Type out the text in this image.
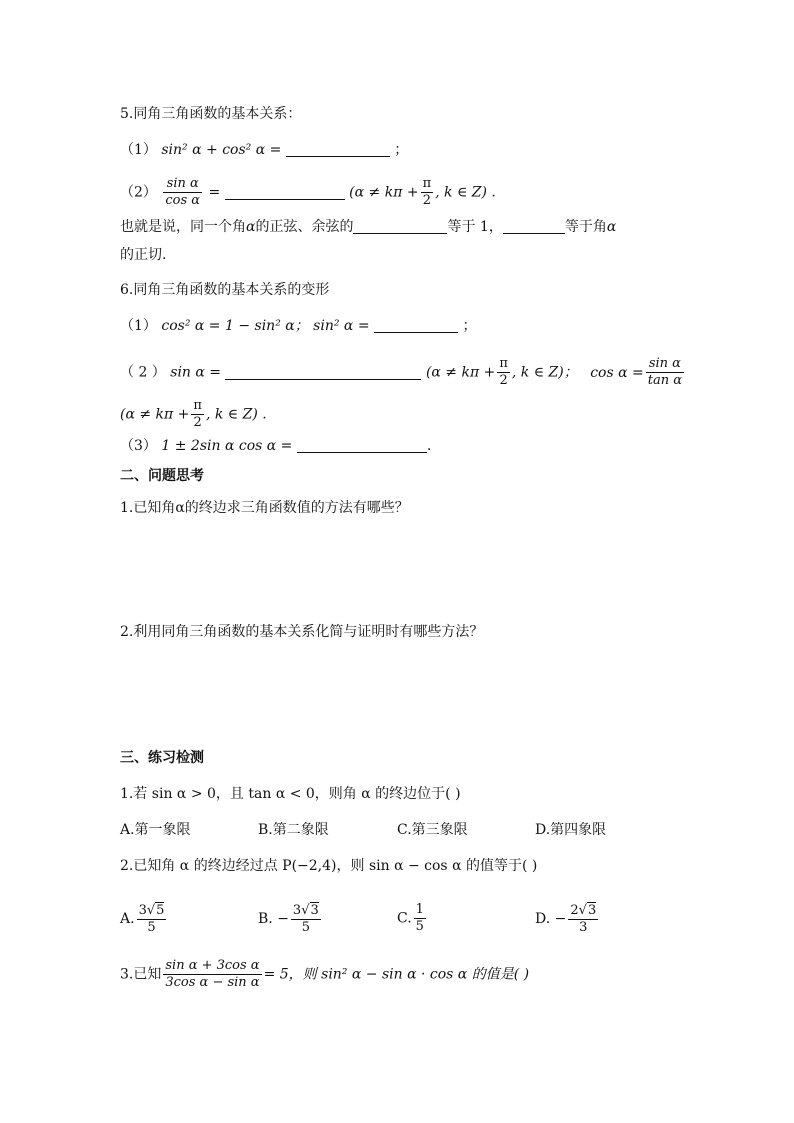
5.同角三角函数的基本关系：
（1） sin² α + cos² α =	；
$(2) \frac{\text{sin α}}{\text{cos α}}$ =	($\alpha \ne k\pi + \frac{\pi}{2}$ , k ∈ Z) .
也就是说，同一个角α的正弦、余弦的	等于 1，	等于角α
的正切.
6.同角三角函数的基本关系的变形
（1） cos² α = 1 − sin² α； sin² α =	；
（ 2 ） sin α =	($\alpha \ne k\pi + \frac{\pi}{2}$ , k ∈ Z)； $\cos \alpha = \frac{\text{sin α}}{\text{tan α}}$
($\alpha \ne k\pi + \frac{\pi}{2}$ , k ∈ Z) .
（3） 1 ± 2sin α cos α =	.
二、问题思考
1.已知角α的终边求三角函数值的方法有哪些？
2.利用同角三角函数的基本关系化简与证明时有哪些方法？
三、练习检测
1.若 sin α > 0，且 tan α < 0，则角 α 的终边位于( )
A.第一象限	B.第二象限	C.第三象限	D.第四象限
2.已知角 α 的终边经过点 P(−2,4)，则 sin α − cos α 的值等于( )
A. $\frac{3√5}{5}$	B. − $\frac{3√3}{5}$	C. $\frac{1}{5}$	D. − $\frac{2√3}{3}$
3.已知 $\frac{\text{sin α + 3cos α}}{\text{3cos α − sin α}} = 5$，则 sin² α − sin α · cos α 的值是( )
